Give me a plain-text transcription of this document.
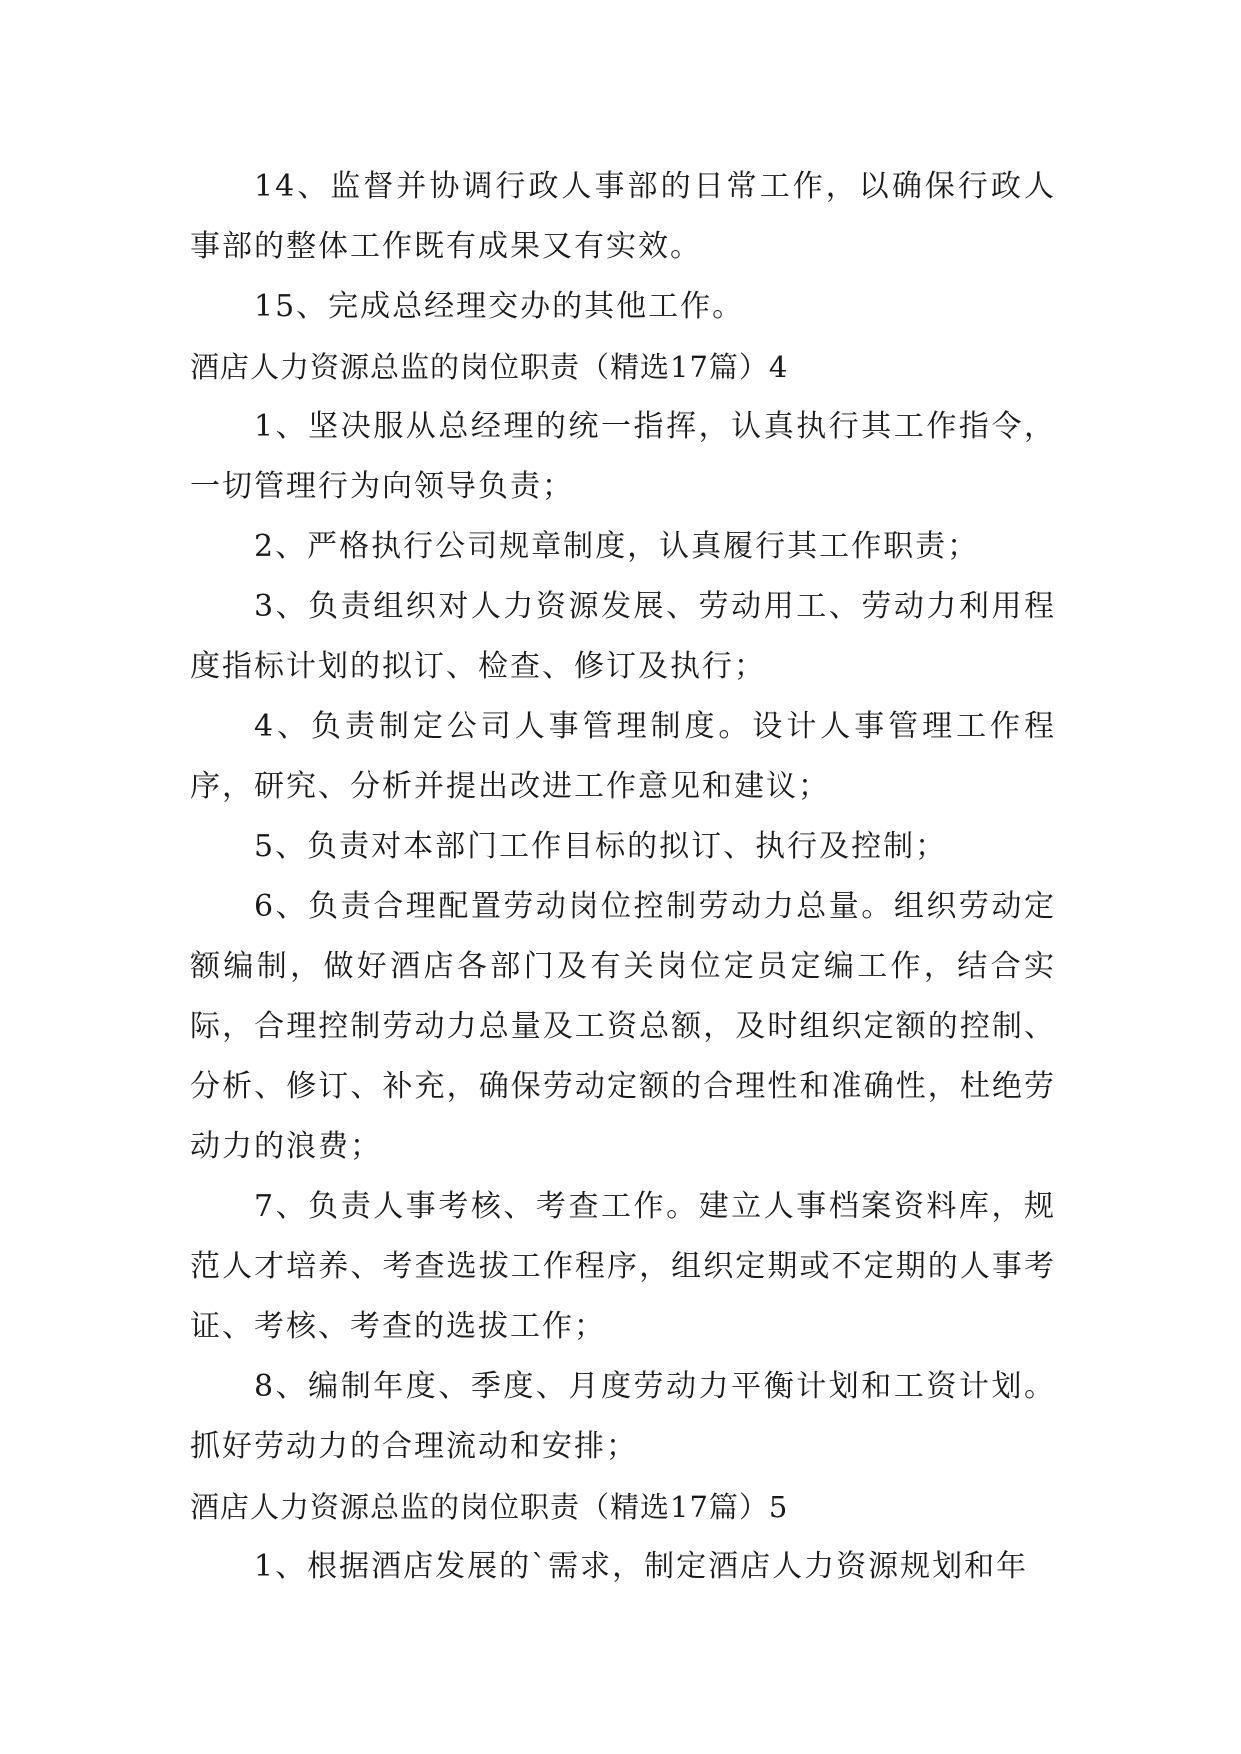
14、监督并协调行政人事部的日常工作，以确保行政人事部的整体工作既有成果又有实效。

15、完成总经理交办的其他工作。

酒店人力资源总监的岗位职责（精选17篇）4

1、坚决服从总经理的统一指挥，认真执行其工作指令，一切管理行为向领导负责；

2、严格执行公司规章制度，认真履行其工作职责；

3、负责组织对人力资源发展、劳动用工、劳动力利用程度指标计划的拟订、检查、修订及执行；

4、负责制定公司人事管理制度。设计人事管理工作程序，研究、分析并提出改进工作意见和建议；

5、负责对本部门工作目标的拟订、执行及控制；

6、负责合理配置劳动岗位控制劳动力总量。组织劳动定额编制，做好酒店各部门及有关岗位定员定编工作，结合实际，合理控制劳动力总量及工资总额，及时组织定额的控制、分析、修订、补充，确保劳动定额的合理性和准确性，杜绝劳动力的浪费；

7、负责人事考核、考查工作。建立人事档案资料库，规范人才培养、考查选拔工作程序，组织定期或不定期的人事考证、考核、考查的选拔工作；

8、编制年度、季度、月度劳动力平衡计划和工资计划。抓好劳动力的合理流动和安排；

酒店人力资源总监的岗位职责（精选17篇）5

1、根据酒店发展的`需求，制定酒店人力资源规划和年
